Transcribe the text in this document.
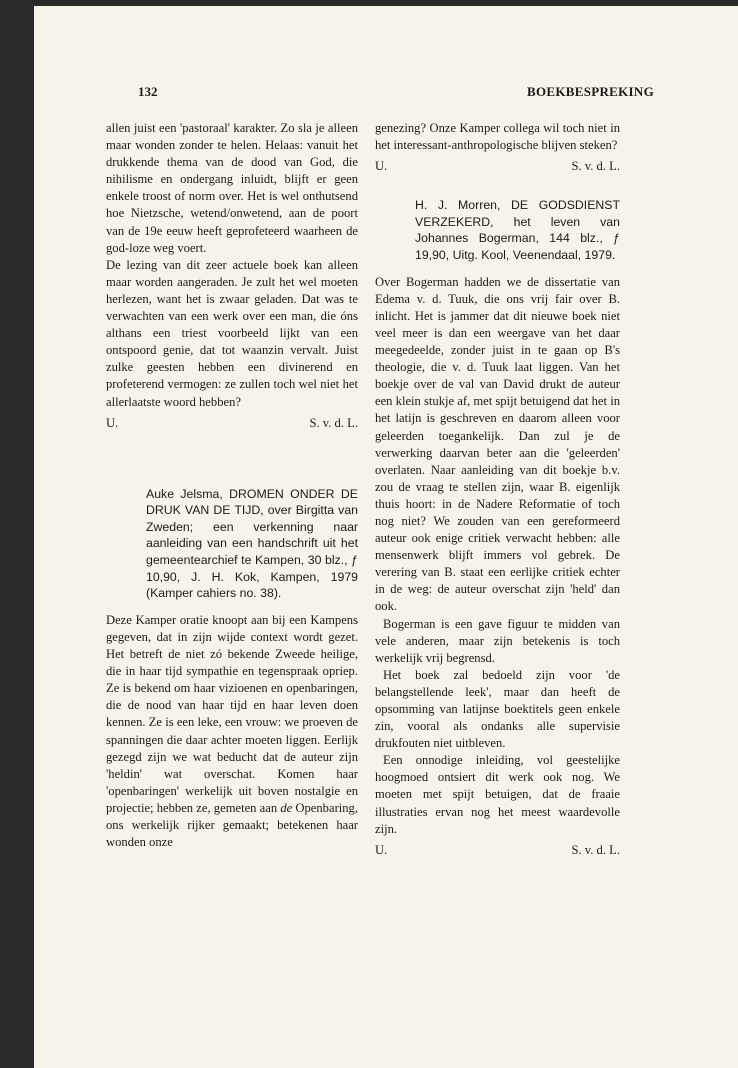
132	BOEKBESPREKING

allen juist een 'pastoraal' karakter. Zo sla je alleen maar wonden zonder te helen. Helaas: vanuit het drukkende thema van de dood van God, die nihilisme en ondergang inluidt, blijft er geen enkele troost of norm over. Het is wel onthutsend hoe Nietzsche, wetend/onwetend, aan de poort van de 19e eeuw heeft geprofeteerd waarheen de god-loze weg voert.

De lezing van dit zeer actuele boek kan alleen maar worden aangeraden. Je zult het wel moeten herlezen, want het is zwaar geladen. Dat was te verwachten van een werk over een man, die óns althans een triest voorbeeld lijkt van een ontspoord genie, dat tot waanzin vervalt. Juist zulke geesten hebben een divinerend en profeterend vermogen: ze zullen toch wel niet het allerlaatste woord hebben?

U.	S. v. d. L.
Auke Jelsma, DROMEN ONDER DE DRUK VAN DE TIJD, over Birgitta van Zweden; een verkenning naar aanleiding van een handschrift uit het gemeentearchief te Kampen, 30 blz., ƒ 10,90, J. H. Kok, Kampen, 1979 (Kamper cahiers no. 38).

Deze Kamper oratie knoopt aan bij een Kampens gegeven, dat in zijn wijde context wordt gezet. Het betreft de niet zó bekende Zweede heilige, die in haar tijd sympathie en tegenspraak opriep. Ze is bekend om haar vizioenen en openbaringen, die de nood van haar tijd en haar leven doen kennen. Ze is een leke, een vrouw: we proeven de spanningen die daar achter moeten liggen. Eerlijk gezegd zijn we wat beducht dat de auteur zijn 'heldin' wat overschat. Komen haar 'openbaringen' werkelijk uit boven nostalgie en projectie; hebben ze, gemeten aan de Openbaring, ons werkelijk rijker gemaakt; betekenen haar wonden onze

genezing? Onze Kamper collega wil toch niet in het interessant-anthropologische blijven steken?

U.	S. v. d. L.
H. J. Morren, DE GODSDIENST VERZEKERD, het leven van Johannes Bogerman, 144 blz., ƒ 19,90, Uitg. Kool, Veenendaal, 1979.

Over Bogerman hadden we de dissertatie van Edema v. d. Tuuk, die ons vrij fair over B. inlicht. Het is jammer dat dit nieuwe boek niet veel meer is dan een weergave van het daar meegedeelde, zonder juist in te gaan op B's theologie, die v. d. Tuuk laat liggen. Van het boekje over de val van David drukt de auteur een klein stukje af, met spijt betuigend dat het in het latijn is geschreven en daarom alleen voor geleerden toegankelijk. Dan zul je de verwerking daarvan beter aan die 'geleerden' overlaten. Naar aanleiding van dit boekje b.v. zou de vraag te stellen zijn, waar B. eigenlijk thuis hoort: in de Nadere Reformatie of toch nog niet? We zouden van een gereformeerd auteur ook enige critiek verwacht hebben: alle mensenwerk blijft immers vol gebrek. De verering van B. staat een eerlijke critiek echter in de weg: de auteur overschat zijn 'held' dan ook.

Bogerman is een gave figuur te midden van vele anderen, maar zijn betekenis is toch werkelijk vrij begrensd.

Het boek zal bedoeld zijn voor 'de belangstellende leek', maar dan heeft de opsomming van latijnse boektitels geen enkele zin, vooral als ondanks alle supervisie drukfouten niet uitbleven.

Een onnodige inleiding, vol geestelijke hoogmoed ontsiert dit werk ook nog. We moeten met spijt betuigen, dat de fraaie illustraties ervan nog het meest waardevolle zijn.

U.	S. v. d. L.
